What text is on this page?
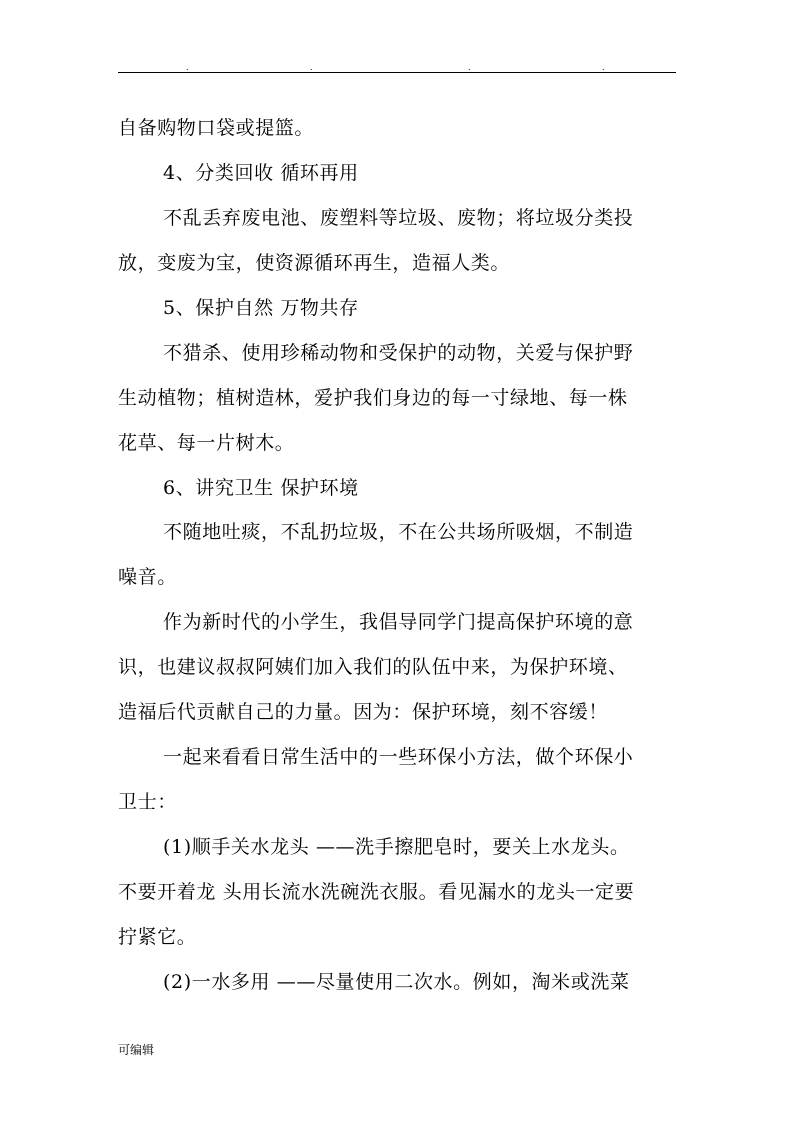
.	.	.	.
自备购物口袋或提篮。
4、分类回收 循环再用
不乱丢弃废电池、废塑料等垃圾、废物；将垃圾分类投
放，变废为宝，使资源循环再生，造福人类。
5、保护自然 万物共存
不猎杀、使用珍稀动物和受保护的动物，关爱与保护野
生动植物；植树造林，爱护我们身边的每一寸绿地、每一株
花草、每一片树木。
6、讲究卫生 保护环境
不随地吐痰，不乱扔垃圾，不在公共场所吸烟，不制造
噪音。
作为新时代的小学生，我倡导同学门提高保护环境的意
识，也建议叔叔阿姨们加入我们的队伍中来，为保护环境、
造福后代贡献自己的力量。因为：保护环境，刻不容缓！
一起来看看日常生活中的一些环保小方法，做个环保小
卫士：
(1)顺手关水龙头 ——洗手擦肥皂时，要关上水龙头。
不要开着龙 头用长流水洗碗洗衣服。看见漏水的龙头一定要
拧紧它。
(2)一水多用 ——尽量使用二次水。例如，淘米或洗菜
可编辑
